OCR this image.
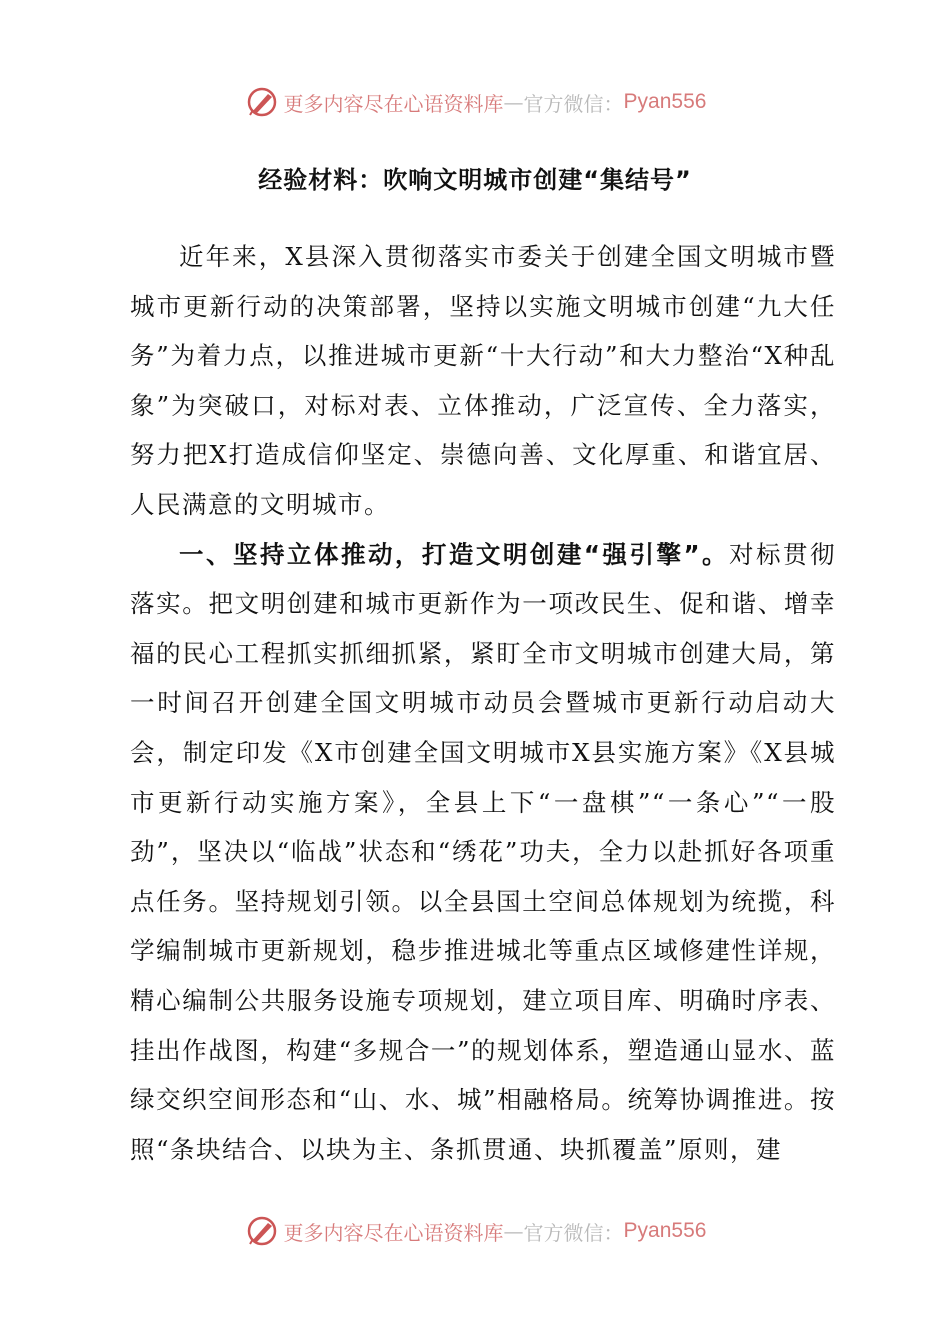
更多内容尽在心语资料库 — 官方微信： Pyan556
经验材料：吹响文明城市创建“集结号”

近年来，X县深入贯彻落实市委关于创建全国文明城市暨城市更新行动的决策部署，坚持以实施文明城市创建“九大任务”为着力点，以推进城市更新“十大行动”和大力整治“X种乱象”为突破口，对标对表、立体推动，广泛宣传、全力落实，努力把X打造成信仰坚定、崇德向善、文化厚重、和谐宜居、人民满意的文明城市。

一、坚持立体推动，打造文明创建“强引擎”。对标贯彻落实。把文明创建和城市更新作为一项改民生、促和谐、增幸福的民心工程抓实抓细抓紧，紧盯全市文明城市创建大局，第一时间召开创建全国文明城市动员会暨城市更新行动启动大会，制定印发《X市创建全国文明城市X县实施方案》《X县城市更新行动实施方案》，全县上下“一盘棋”“一条心”“一股劲”，坚决以“临战”状态和“绣花”功夫，全力以赴抓好各项重点任务。坚持规划引领。以全县国土空间总体规划为统揽，科学编制城市更新规划，稳步推进城北等重点区域修建性详规，精心编制公共服务设施专项规划，建立项目库、明确时序表、挂出作战图，构建“多规合一”的规划体系，塑造通山显水、蓝绿交织空间形态和“山、水、城”相融格局。统筹协调推进。按照“条块结合、以块为主、条抓贯通、块抓覆盖”原则，建

更多内容尽在心语资料库 — 官方微信： Pyan556
